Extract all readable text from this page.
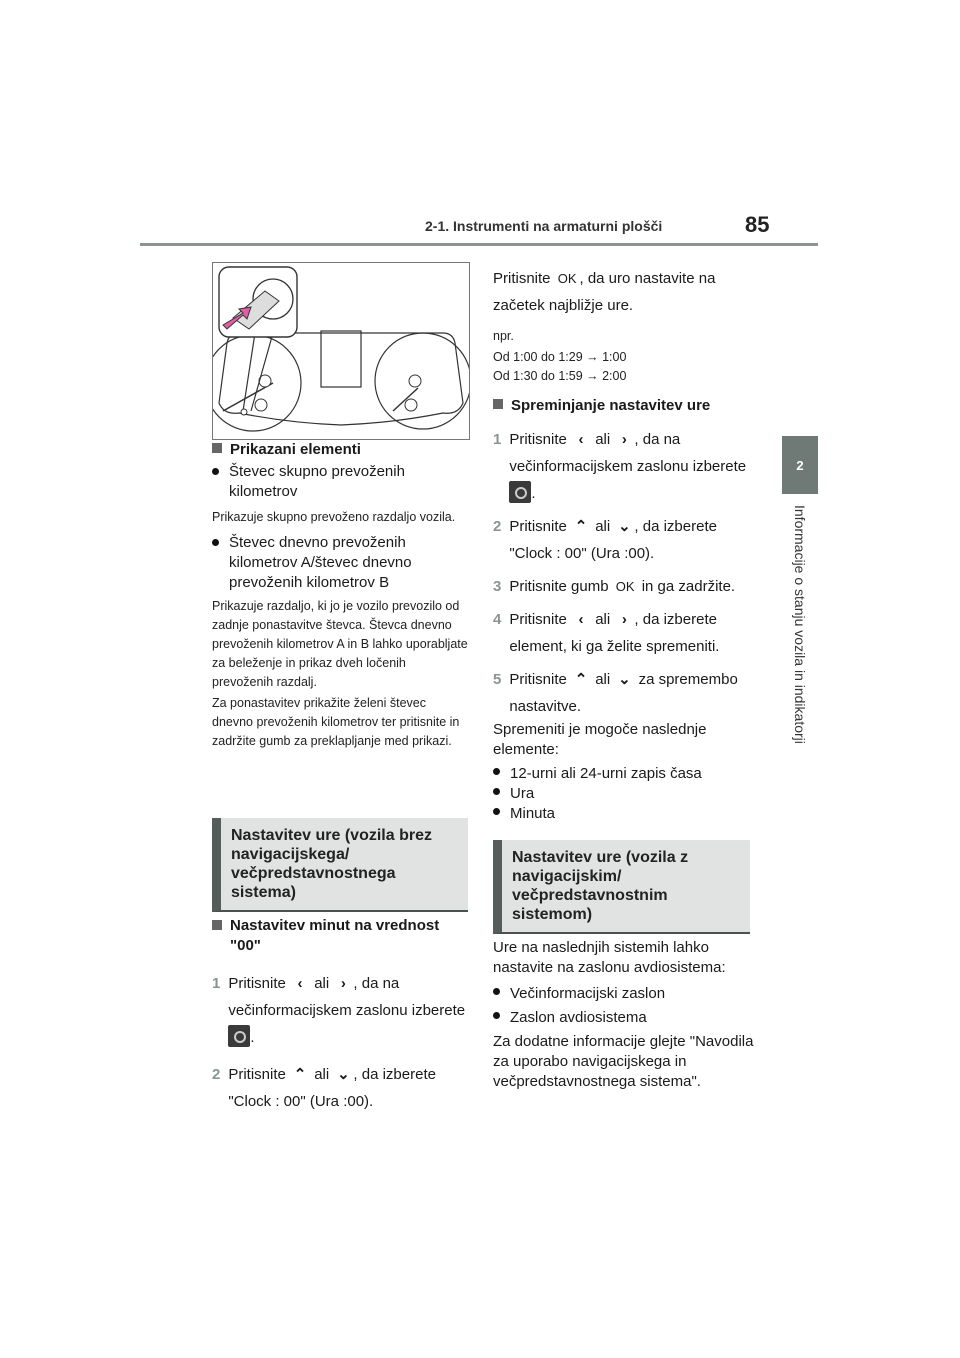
2-1. Instrumenti na armaturni plošči	85
2
Informacije o stanju vozila in indikatorji
Prikazani elementi
Števec skupno prevoženih kilometrov
Prikazuje skupno prevoženo razdaljo vozila.
Števec dnevno prevoženih kilometrov A/števec dnevno prevoženih kilometrov B
Prikazuje razdaljo, ki jo je vozilo prevozilo od zadnje ponastavitve števca. Števca dnevno prevoženih kilometrov A in B lahko uporabljate za beleženje in prikaz dveh ločenih prevoženih razdalj.
Za ponastavitev prikažite želeni števec dnevno prevoženih kilometrov ter pritisnite in zadržite gumb za preklapljanje med prikazi.
Nastavitev ure (vozila brez navigacijskega/ večpredstavnostnega sistema)
Nastavitev minut na vrednost "00"
1 Pritisnite ‹ ali › , da na večinformacijskem zaslonu izberete .
2 Pritisnite ⌃ ali ⌄ , da izberete "Clock : 00" (Ura :00).
Pritisnite OK , da uro nastavite na začetek najbližje ure.
npr.
Od 1:00 do 1:29 → 1:00
Od 1:30 do 1:59 → 2:00
Spreminjanje nastavitev ure
1 Pritisnite ‹ ali › , da na večinformacijskem zaslonu izberete .
2 Pritisnite ⌃ ali ⌄ , da izberete "Clock : 00" (Ura :00).
3 Pritisnite gumb OK in ga zadržite.
4 Pritisnite ‹ ali › , da izberete element, ki ga želite spremeniti.
5 Pritisnite ⌃ ali ⌄ za spremembo nastavitve.
Spremeniti je mogoče naslednje elemente:
12-urni ali 24-urni zapis časa
Ura
Minuta
Nastavitev ure (vozila z navigacijskim/ večpredstavnostnim sistemom)
Ure na naslednjih sistemih lahko nastavite na zaslonu avdiosistema:
Večinformacijski zaslon
Zaslon avdiosistema
Za dodatne informacije glejte "Navodila za uporabo navigacijskega in večpredstavnostnega sistema".
